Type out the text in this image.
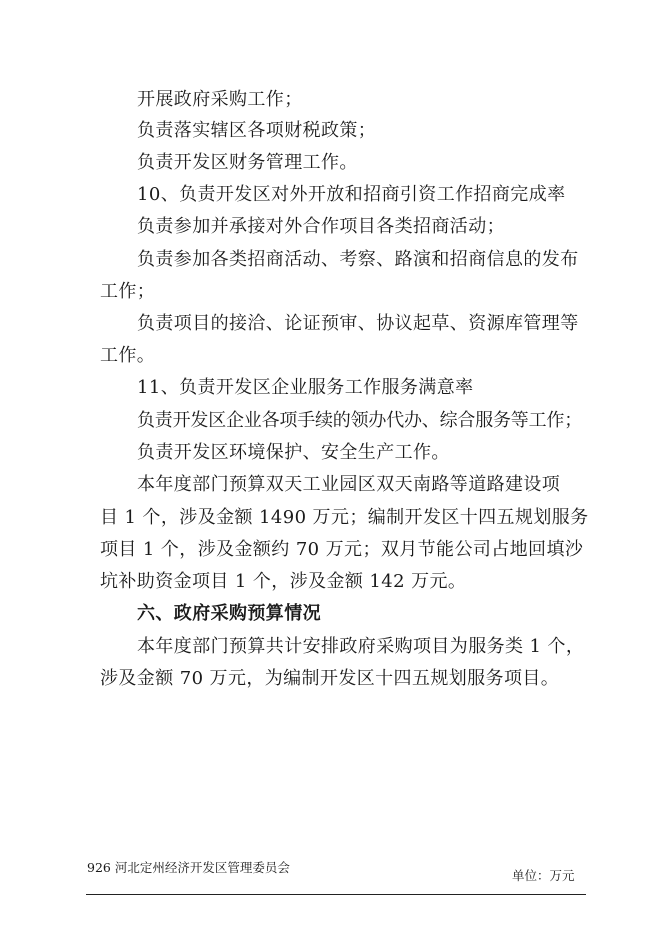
开展政府采购工作；
负责落实辖区各项财税政策；
负责开发区财务管理工作。
10、负责开发区对外开放和招商引资工作招商完成率
负责参加并承接对外合作项目各类招商活动；
负责参加各类招商活动、考察、路演和招商信息的发布
工作；
负责项目的接洽、论证预审、协议起草、资源库管理等
工作。
11、负责开发区企业服务工作服务满意率
负责开发区企业各项手续的领办代办、综合服务等工作；
负责开发区环境保护、安全生产工作。
本年度部门预算双天工业园区双天南路等道路建设项
目 1 个，涉及金额 1490 万元；编制开发区十四五规划服务
项目 1 个，涉及金额约 70 万元；双月节能公司占地回填沙
坑补助资金项目 1 个，涉及金额 142 万元。
六、政府采购预算情况
本年度部门预算共计安排政府采购项目为服务类 1 个，
涉及金额 70 万元，为编制开发区十四五规划服务项目。
926 河北定州经济开发区管理委员会
单位：万元
